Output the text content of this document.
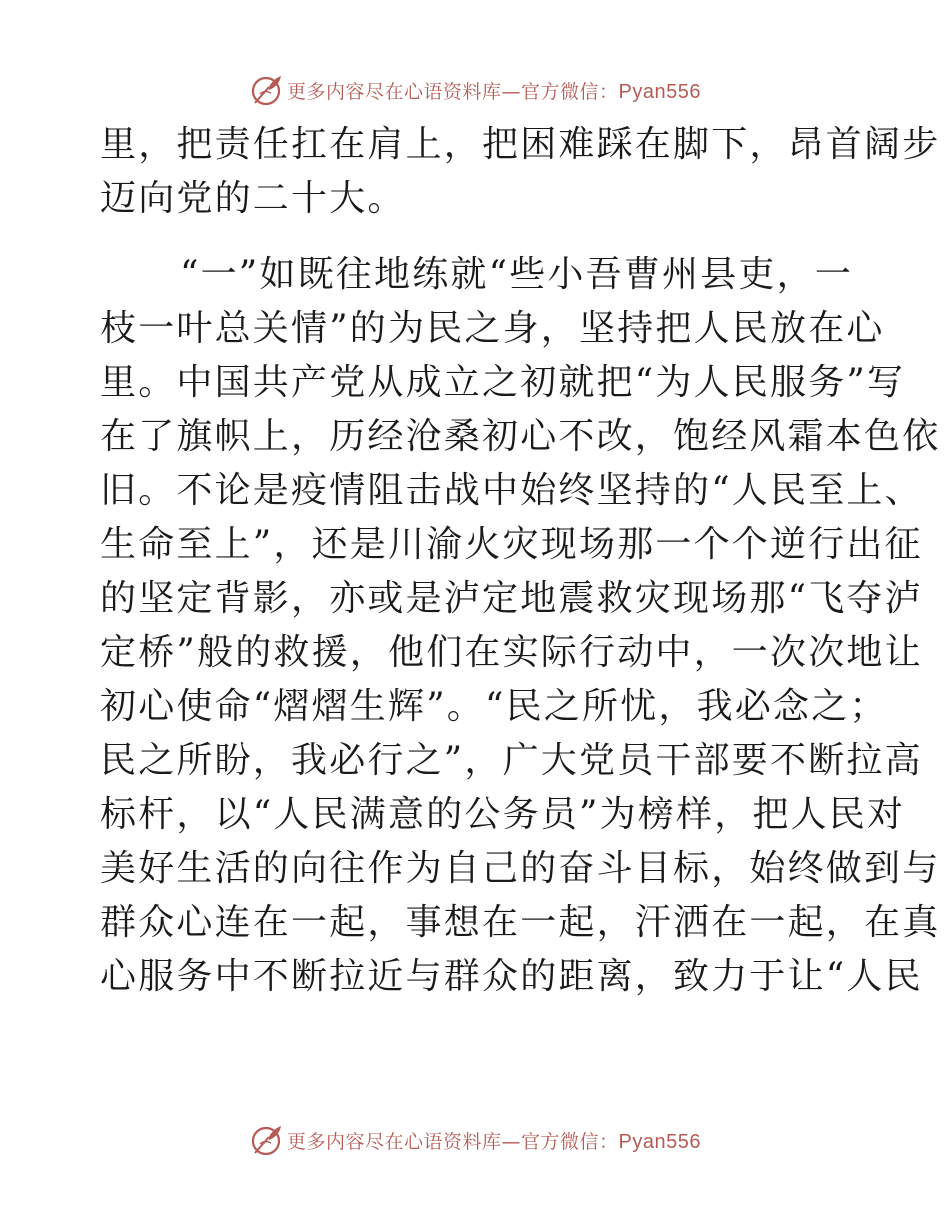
更多内容尽在心语资料库—官方微信：Pyan556
里，把责任扛在肩上，把困难踩在脚下，昂首阔步
迈向党的二十大。
“一”如既往地练就“些小吾曹州县吏，一
枝一叶总关情”的为民之身，坚持把人民放在心
里。中国共产党从成立之初就把“为人民服务”写
在了旗帜上，历经沧桑初心不改，饱经风霜本色依
旧。不论是疫情阻击战中始终坚持的“人民至上、
生命至上”，还是川渝火灾现场那一个个逆行出征
的坚定背影，亦或是泸定地震救灾现场那“飞夺泸
定桥”般的救援，他们在实际行动中，一次次地让
初心使命“熠熠生辉”。“民之所忧，我必念之；
民之所盼，我必行之”，广大党员干部要不断拉高
标杆，以“人民满意的公务员”为榜样，把人民对
美好生活的向往作为自己的奋斗目标，始终做到与
群众心连在一起，事想在一起，汗洒在一起，在真
心服务中不断拉近与群众的距离，致力于让“人民
更多内容尽在心语资料库—官方微信：Pyan556
